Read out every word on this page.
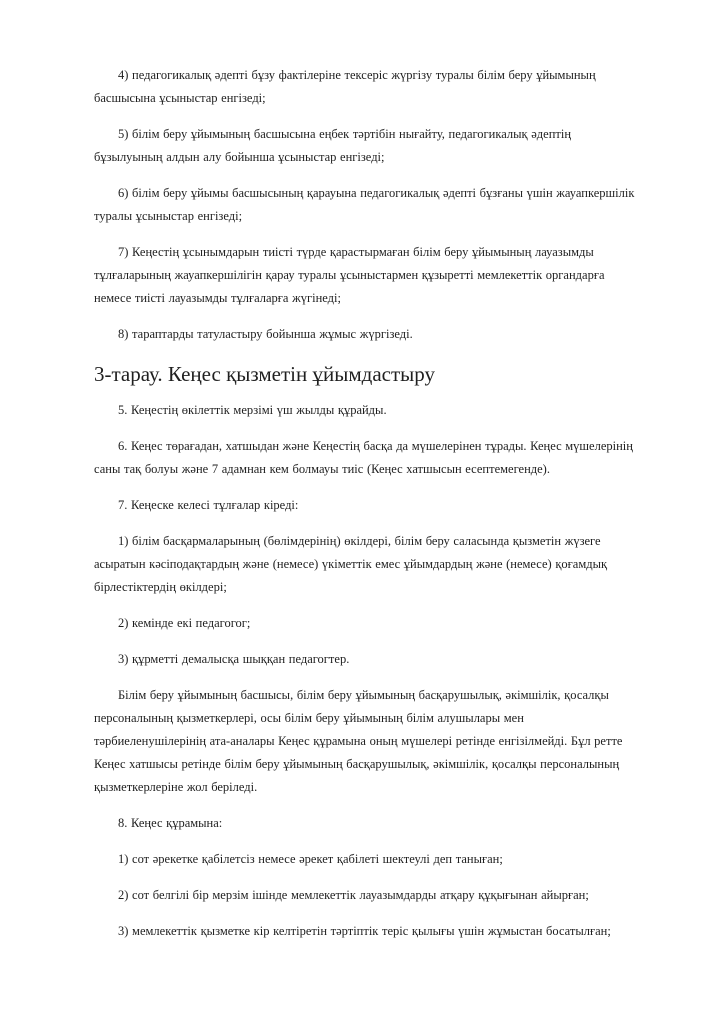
4) педагогикалық әдепті бұзу фактілеріне тексеріс жүргізу туралы білім беру ұйымының басшысына ұсыныстар енгізеді;

5) білім беру ұйымының басшысына еңбек тәртібін нығайту, педагогикалық әдептің бұзылуының алдын алу бойынша ұсыныстар енгізеді;

6) білім беру ұйымы басшысының қарауына педагогикалық әдепті бұзғаны үшін жауапкершілік туралы ұсыныстар енгізеді;

7) Кеңестің ұсынымдарын тиісті түрде қарастырмаған білім беру ұйымының лауазымды тұлғаларының жауапкершілігін қарау туралы ұсыныстармен құзыретті мемлекеттік органдарға немесе тиісті лауазымды тұлғаларға жүгінеді;

8) тараптарды татуластыру бойынша жұмыс жүргізеді.

3-тарау. Кеңес қызметін ұйымдастыру

5. Кеңестің өкілеттік мерзімі үш жылды құрайды.

6. Кеңес төрағадан, хатшыдан және Кеңестің басқа да мүшелерінен тұрады. Кеңес мүшелерінің саны тақ болуы және 7 адамнан кем болмауы тиіс (Кеңес хатшысын есептемегенде).

7. Кеңеске келесі тұлғалар кіреді:

1) білім басқармаларының (бөлімдерінің) өкілдері, білім беру саласында қызметін жүзеге асыратын кәсіподақтардың және (немесе) үкіметтік емес ұйымдардың және (немесе) қоғамдық бірлестіктердің өкілдері;

2) кемінде екі педагогог;

3) құрметті демалысқа шыққан педагогтер.

Білім беру ұйымының басшысы, білім беру ұйымының басқарушылық, әкімшілік, қосалқы персоналының қызметкерлері, осы білім беру ұйымының білім алушылары мен тәрбиеленушілерінің ата-аналары Кеңес құрамына оның мүшелері ретінде енгізілмейді. Бұл ретте Кеңес хатшысы ретінде білім беру ұйымының басқарушылық, әкімшілік, қосалқы персоналының қызметкерлеріне жол беріледі.

8. Кеңес құрамына:

1) сот әрекетке қабілетсіз немесе әрекет қабілеті шектеулі деп таныған;

2) сот белгілі бір мерзім ішінде мемлекеттік лауазымдарды атқару құқығынан айырған;

3) мемлекеттік қызметке кір келтіретін тәртіптік теріс қылығы үшін жұмыстан босатылған;
